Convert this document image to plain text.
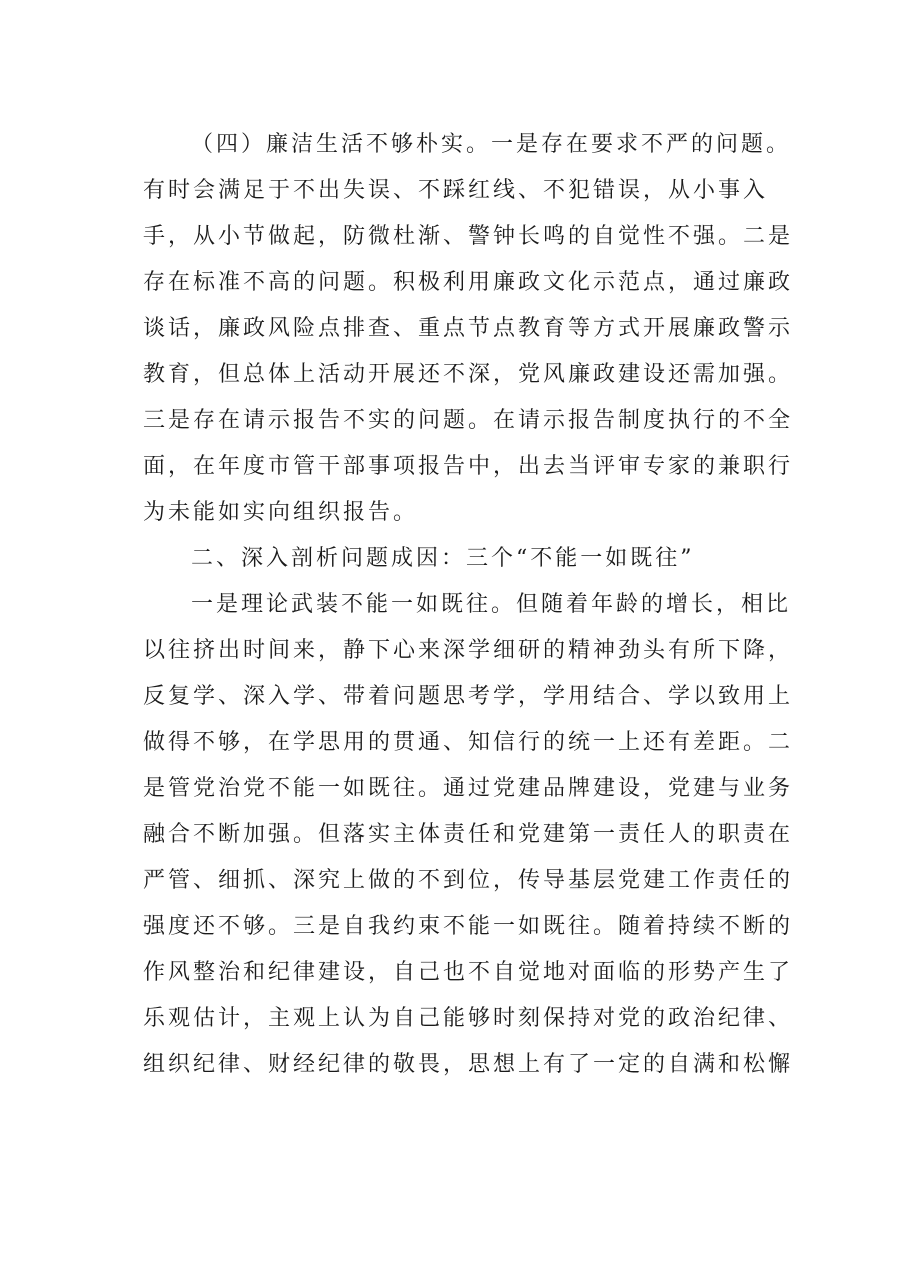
（四）廉洁生活不够朴实。一是存在要求不严的问题。有时会满足于不出失误、不踩红线、不犯错误，从小事入手，从小节做起，防微杜渐、警钟长鸣的自觉性不强。二是存在标准不高的问题。积极利用廉政文化示范点，通过廉政谈话，廉政风险点排查、重点节点教育等方式开展廉政警示教育，但总体上活动开展还不深，党风廉政建设还需加强。三是存在请示报告不实的问题。在请示报告制度执行的不全面，在年度市管干部事项报告中，出去当评审专家的兼职行为未能如实向组织报告。

二、深入剖析问题成因：三个“不能一如既往”

一是理论武装不能一如既往。但随着年龄的增长，相比以往挤出时间来，静下心来深学细研的精神劲头有所下降，反复学、深入学、带着问题思考学，学用结合、学以致用上做得不够，在学思用的贯通、知信行的统一上还有差距。二是管党治党不能一如既往。通过党建品牌建设，党建与业务融合不断加强。但落实主体责任和党建第一责任人的职责在严管、细抓、深究上做的不到位，传导基层党建工作责任的强度还不够。三是自我约束不能一如既往。随着持续不断的作风整治和纪律建设，自己也不自觉地对面临的形势产生了乐观估计，主观上认为自己能够时刻保持对党的政治纪律、组织纪律、财经纪律的敬畏，思想上有了一定的自满和松懈
